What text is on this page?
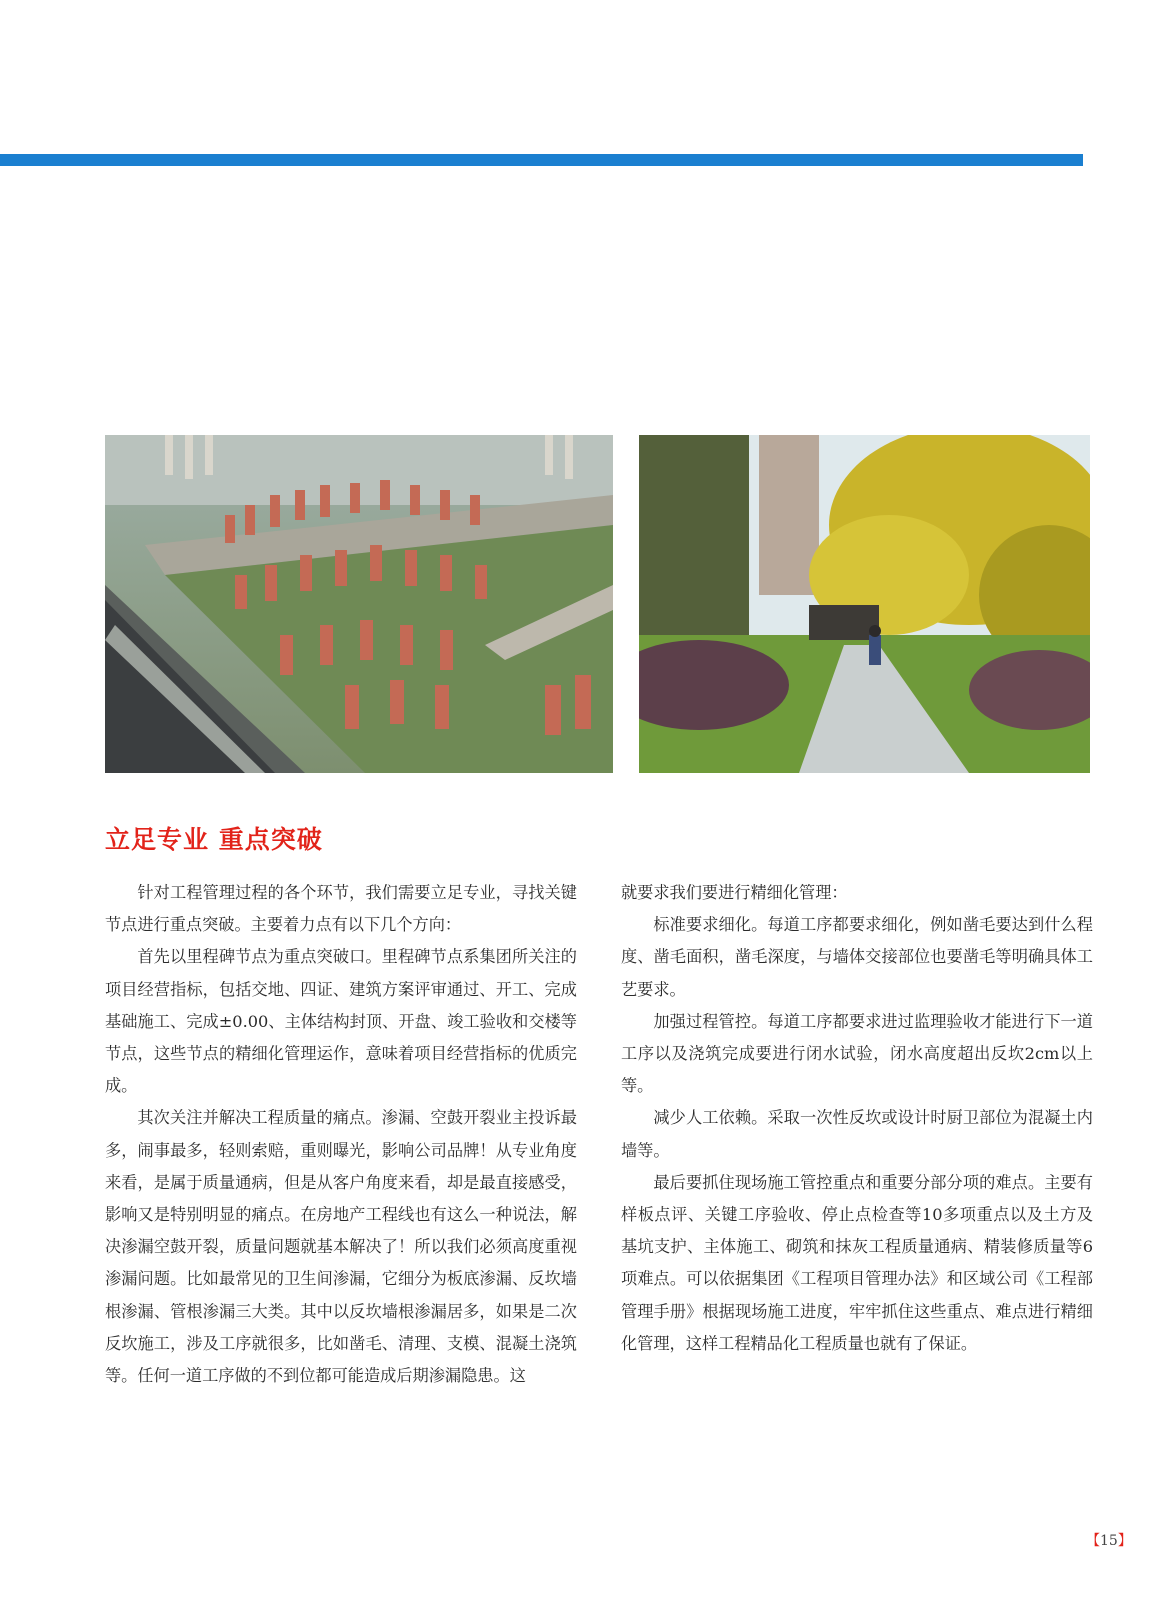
立足专业 重点突破

针对工程管理过程的各个环节，我们需要立足专业，寻找关键节点进行重点突破。主要着力点有以下几个方向：

首先以里程碑节点为重点突破口。里程碑节点系集团所关注的项目经营指标，包括交地、四证、建筑方案评审通过、开工、完成基础施工、完成±0.00、主体结构封顶、开盘、竣工验收和交楼等节点，这些节点的精细化管理运作，意味着项目经营指标的优质完成。

其次关注并解决工程质量的痛点。渗漏、空鼓开裂业主投诉最多，闹事最多，轻则索赔，重则曝光，影响公司品牌！从专业角度来看，是属于质量通病，但是从客户角度来看，却是最直接感受，影响又是特别明显的痛点。在房地产工程线也有这么一种说法，解决渗漏空鼓开裂，质量问题就基本解决了！所以我们必须高度重视渗漏问题。比如最常见的卫生间渗漏，它细分为板底渗漏、反坎墙根渗漏、管根渗漏三大类。其中以反坎墙根渗漏居多，如果是二次反坎施工，涉及工序就很多，比如凿毛、清理、支模、混凝土浇筑等。任何一道工序做的不到位都可能造成后期渗漏隐患。这

就要求我们要进行精细化管理：

标准要求细化。每道工序都要求细化，例如凿毛要达到什么程度、凿毛面积，凿毛深度，与墙体交接部位也要凿毛等明确具体工艺要求。

加强过程管控。每道工序都要求进过监理验收才能进行下一道工序以及浇筑完成要进行闭水试验，闭水高度超出反坎2cm以上等。

减少人工依赖。采取一次性反坎或设计时厨卫部位为混凝土内墙等。

最后要抓住现场施工管控重点和重要分部分项的难点。主要有样板点评、关键工序验收、停止点检查等10多项重点以及土方及基坑支护、主体施工、砌筑和抹灰工程质量通病、精装修质量等6项难点。可以依据集团《工程项目管理办法》和区域公司《工程部管理手册》根据现场施工进度，牢牢抓住这些重点、难点进行精细化管理，这样工程精品化工程质量也就有了保证。

【15】
